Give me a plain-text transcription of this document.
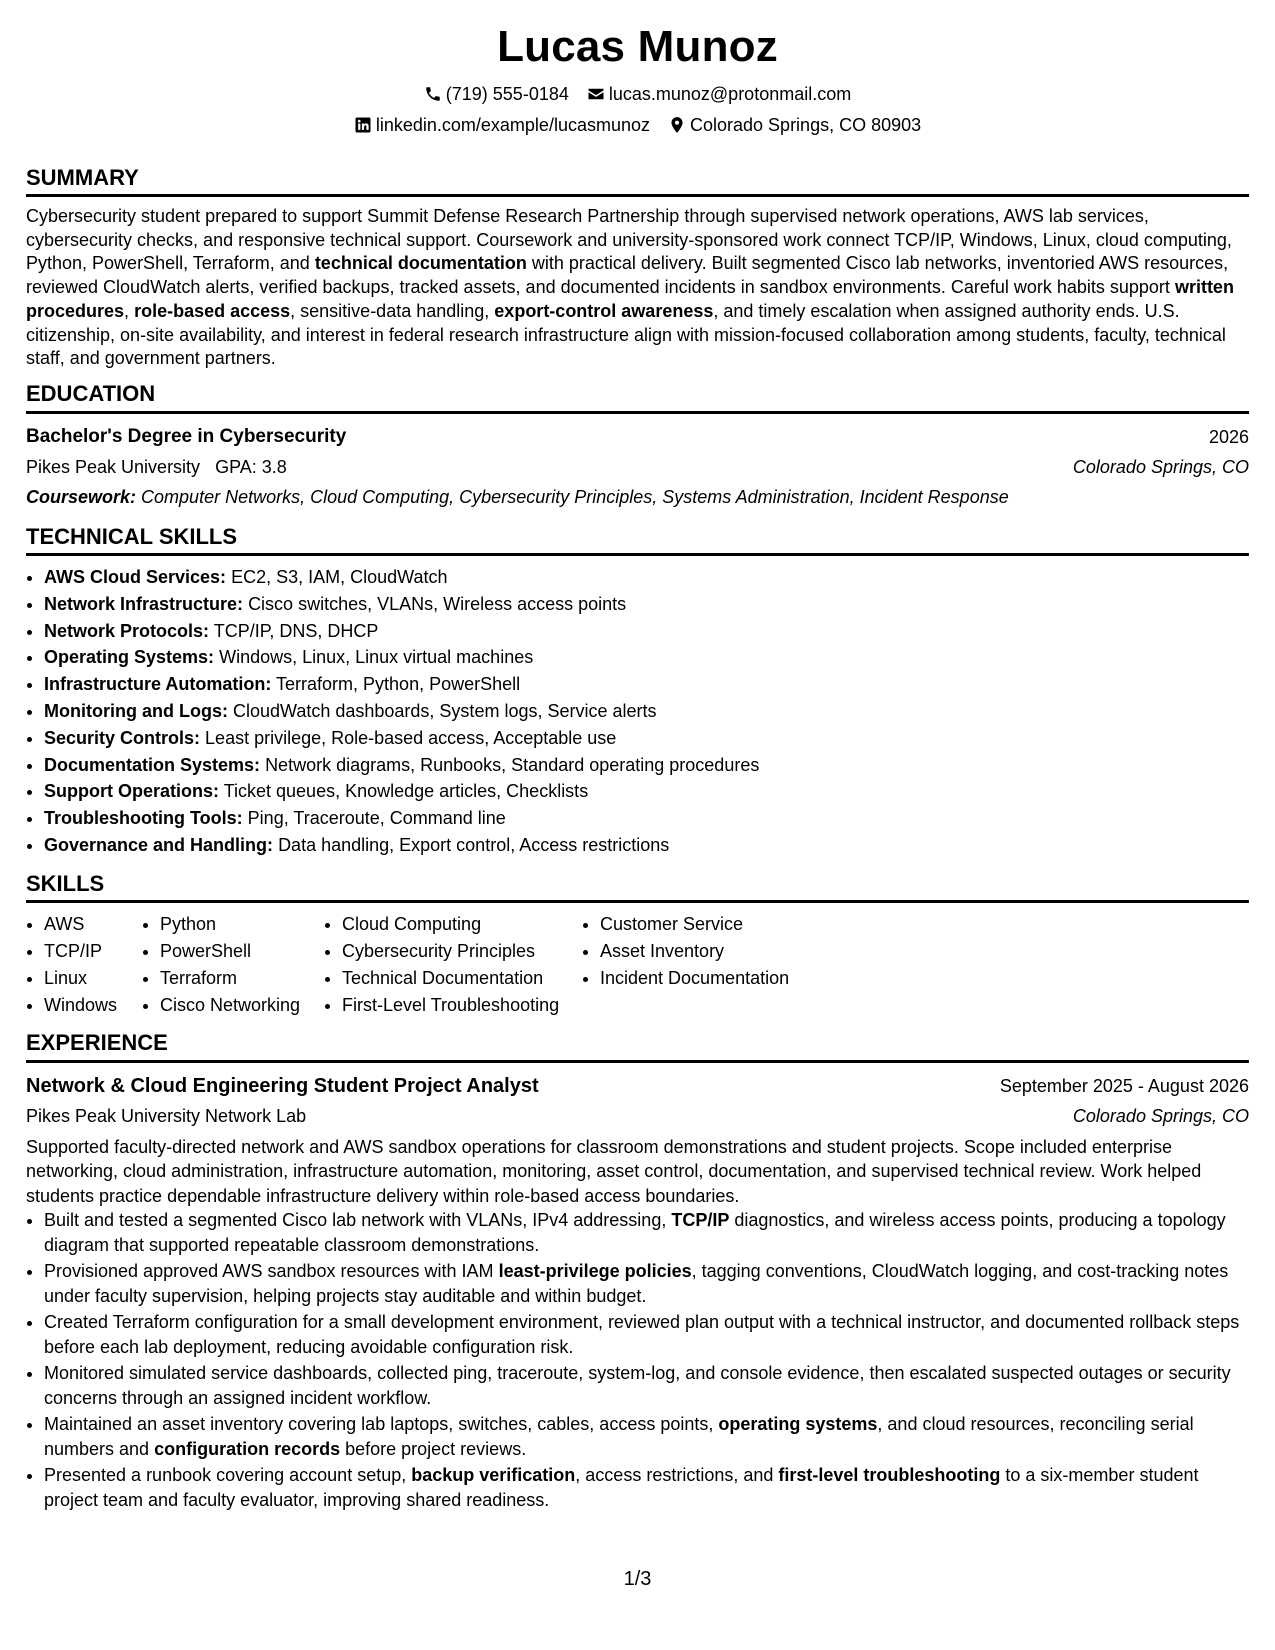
Lucas Munoz
(719) 555-0184 lucas.munoz@protonmail.com
linkedin.com/example/lucasmunoz Colorado Springs, CO 80903
SUMMARY

Cybersecurity student prepared to support Summit Defense Research Partnership through supervised network operations, AWS lab services, cybersecurity checks, and responsive technical support. Coursework and university-sponsored work connect TCP/IP, Windows, Linux, cloud computing, Python, PowerShell, Terraform, and technical documentation with practical delivery. Built segmented Cisco lab networks, inventoried AWS resources, reviewed CloudWatch alerts, verified backups, tracked assets, and documented incidents in sandbox environments. Careful work habits support written procedures, role-based access, sensitive-data handling, export-control awareness, and timely escalation when assigned authority ends. U.S. citizenship, on-site availability, and interest in federal research infrastructure align with mission-focused collaboration among students, faculty, technical staff, and government partners.

EDUCATION
Bachelor's Degree in Cybersecurity	2026
Pikes Peak University GPA: 3.8	Colorado Springs, CO
Coursework: Computer Networks, Cloud Computing, Cybersecurity Principles, Systems Administration, Incident Response
TECHNICAL SKILLS
• AWS Cloud Services: EC2, S3, IAM, CloudWatch
• Network Infrastructure: Cisco switches, VLANs, Wireless access points
• Network Protocols: TCP/IP, DNS, DHCP
• Operating Systems: Windows, Linux, Linux virtual machines
• Infrastructure Automation: Terraform, Python, PowerShell
• Monitoring and Logs: CloudWatch dashboards, System logs, Service alerts
• Security Controls: Least privilege, Role-based access, Acceptable use
• Documentation Systems: Network diagrams, Runbooks, Standard operating procedures
• Support Operations: Ticket queues, Knowledge articles, Checklists
• Troubleshooting Tools: Ping, Traceroute, Command line
• Governance and Handling: Data handling, Export control, Access restrictions
SKILLS
• AWS
• TCP/IP
• Linux
• Windows
• Python
• PowerShell
• Terraform
• Cisco Networking
• Cloud Computing
• Cybersecurity Principles
• Technical Documentation
• First-Level Troubleshooting
• Customer Service
• Asset Inventory
• Incident Documentation
EXPERIENCE
Network & Cloud Engineering Student Project Analyst	September 2025 - August 2026
Pikes Peak University Network Lab	Colorado Springs, CO

Supported faculty-directed network and AWS sandbox operations for classroom demonstrations and student projects. Scope included enterprise networking, cloud administration, infrastructure automation, monitoring, asset control, documentation, and supervised technical review. Work helped students practice dependable infrastructure delivery within role-based access boundaries.

• Built and tested a segmented Cisco lab network with VLANs, IPv4 addressing, TCP/IP diagnostics, and wireless access points, producing a topology diagram that supported repeatable classroom demonstrations.
• Provisioned approved AWS sandbox resources with IAM least-privilege policies, tagging conventions, CloudWatch logging, and cost-tracking notes under faculty supervision, helping projects stay auditable and within budget.
• Created Terraform configuration for a small development environment, reviewed plan output with a technical instructor, and documented rollback steps before each lab deployment, reducing avoidable configuration risk.
• Monitored simulated service dashboards, collected ping, traceroute, system-log, and console evidence, then escalated suspected outages or security concerns through an assigned incident workflow.
• Maintained an asset inventory covering lab laptops, switches, cables, access points, operating systems, and cloud resources, reconciling serial numbers and configuration records before project reviews.
• Presented a runbook covering account setup, backup verification, access restrictions, and first-level troubleshooting to a six-member student project team and faculty evaluator, improving shared readiness.
1/3
